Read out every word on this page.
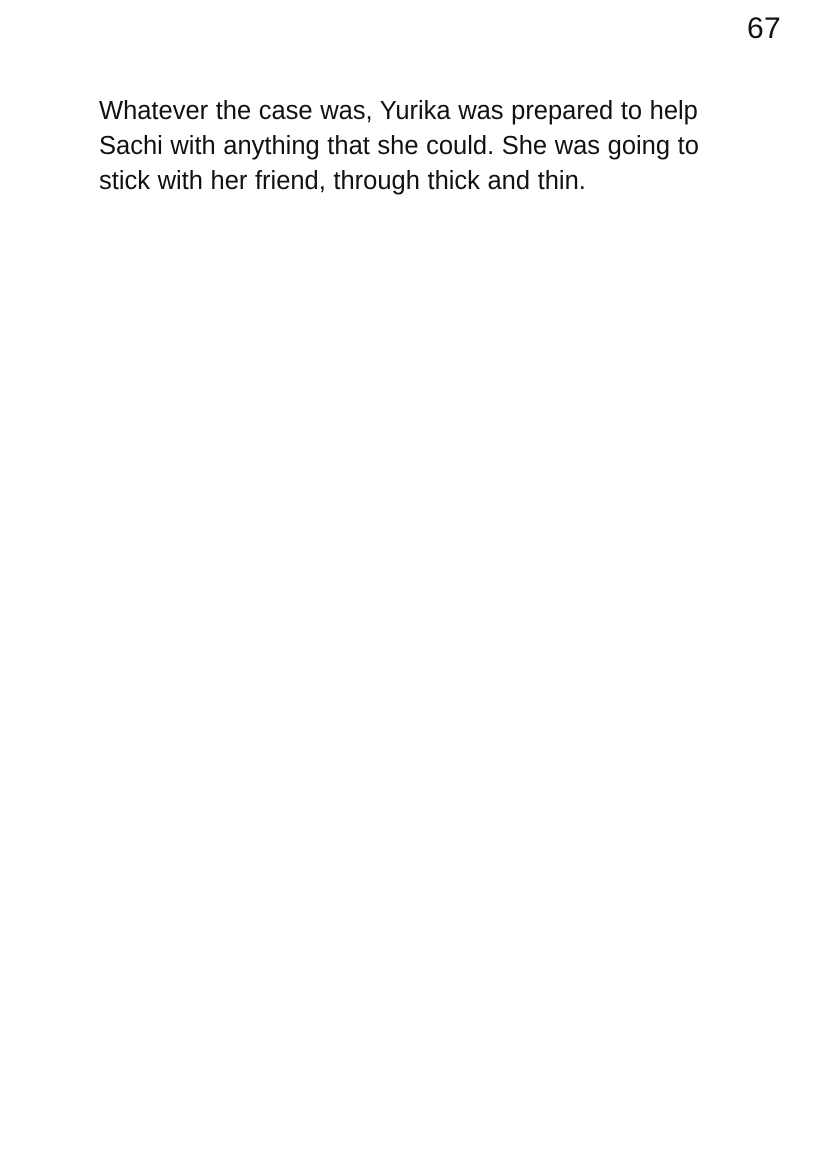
67
Whatever the case was, Yurika was prepared to help Sachi with anything that she could. She was going to stick with her friend, through thick and thin.
